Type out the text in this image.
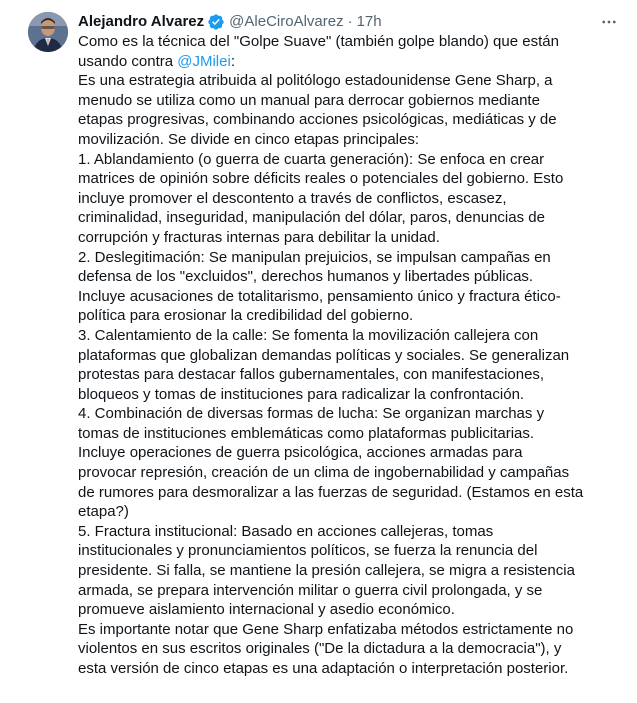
Alejandro Alvarez @AleCiroAlvarez · 17h
Como es la técnica del "Golpe Suave" (también golpe blando) que están
usando contra @JMilei:
Es una estrategia atribuida al politólogo estadounidense Gene Sharp, a
menudo se utiliza como un manual para derrocar gobiernos mediante
etapas progresivas, combinando acciones psicológicas, mediáticas y de
movilización. Se divide en cinco etapas principales:
1. Ablandamiento (o guerra de cuarta generación): Se enfoca en crear
matrices de opinión sobre déficits reales o potenciales del gobierno. Esto
incluye promover el descontento a través de conflictos, escasez,
criminalidad, inseguridad, manipulación del dólar, paros, denuncias de
corrupción y fracturas internas para debilitar la unidad.
2. Deslegitimación: Se manipulan prejuicios, se impulsan campañas en
defensa de los "excluidos", derechos humanos y libertades públicas.
Incluye acusaciones de totalitarismo, pensamiento único y fractura ético-
política para erosionar la credibilidad del gobierno.
3. Calentamiento de la calle: Se fomenta la movilización callejera con
plataformas que globalizan demandas políticas y sociales. Se generalizan
protestas para destacar fallos gubernamentales, con manifestaciones,
bloqueos y tomas de instituciones para radicalizar la confrontación.
4. Combinación de diversas formas de lucha: Se organizan marchas y
tomas de instituciones emblemáticas como plataformas publicitarias.
Incluye operaciones de guerra psicológica, acciones armadas para
provocar represión, creación de un clima de ingobernabilidad y campañas
de rumores para desmoralizar a las fuerzas de seguridad. (Estamos en esta
etapa?)
5. Fractura institucional: Basado en acciones callejeras, tomas
institucionales y pronunciamientos políticos, se fuerza la renuncia del
presidente. Si falla, se mantiene la presión callejera, se migra a resistencia
armada, se prepara intervención militar o guerra civil prolongada, y se
promueve aislamiento internacional y asedio económico.
Es importante notar que Gene Sharp enfatizaba métodos estrictamente no
violentos en sus escritos originales ("De la dictadura a la democracia"), y
esta versión de cinco etapas es una adaptación o interpretación posterior.
